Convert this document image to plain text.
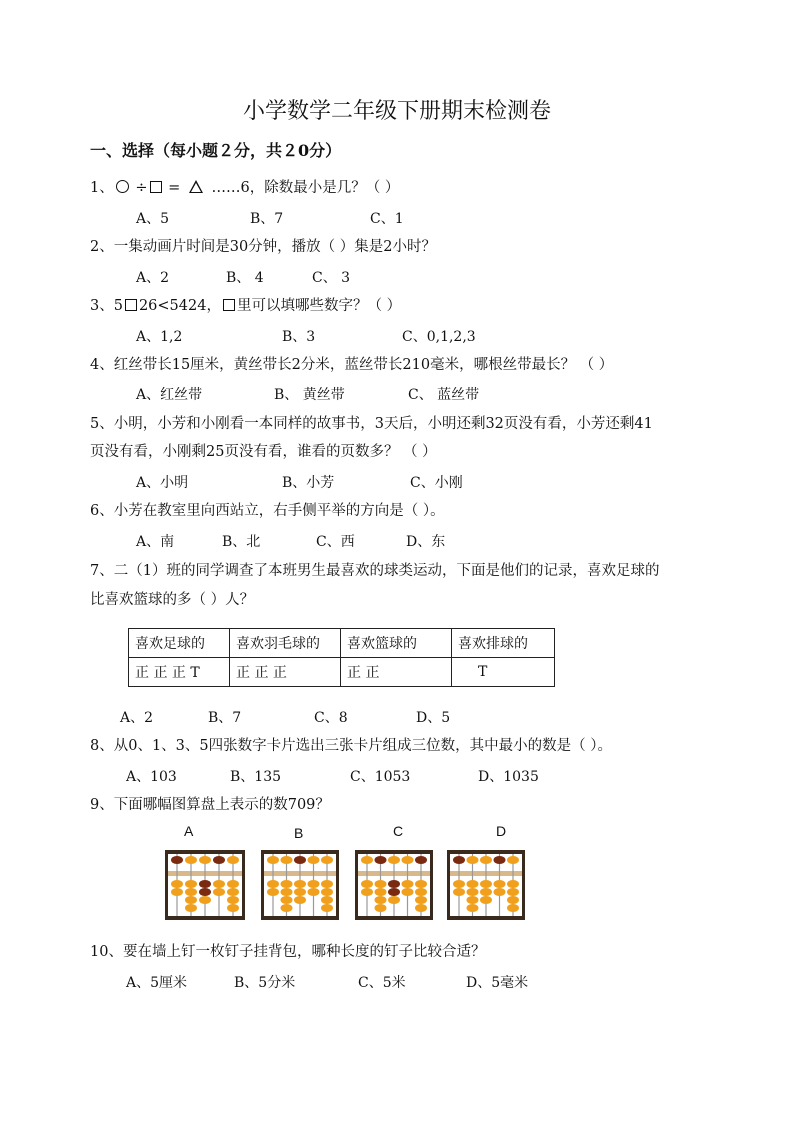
小学数学二年级下册期末检测卷
一、选择（每小题２分，共２0分）
1、 ÷ = ……6，除数最小是几？（ ）
A、5	B、7	C、1
2、一集动画片时间是30分钟，播放（ ）集是2小时？
A、2	B、 4	C、 3
3、5 26<5424， 里可以填哪些数字？（ ）
A、1,2	B、3	C、0,1,2,3
4、红丝带长15厘米，黄丝带长2分米，蓝丝带长210毫米，哪根丝带最长？ （ ）
A、红丝带	B、 黄丝带	C、 蓝丝带
5、小明，小芳和小刚看一本同样的故事书，3天后，小明还剩32页没有看，小芳还剩41
页没有看，小刚剩25页没有看，谁看的页数多？ （ ）
A、小明	B、小芳	C、小刚
6、小芳在教室里向西站立，右手侧平举的方向是（ ）。
A、南	B、北	C、西	D、东
7、二（1）班的同学调查了本班男生最喜欢的球类运动，下面是他们的记录，喜欢足球的
比喜欢篮球的多（ ）人？
喜欢足球的	喜欢羽毛球的	喜欢篮球的	喜欢排球的
正 正 正 T	正 正 正	正 正	T
A、2	B、7	C、8	D、5
8、从0、1、3、5四张数字卡片选出三张卡片组成三位数，其中最小的数是（ ）。
A、103	B、135	C、1053	D、1035
9、下面哪幅图算盘上表示的数709？
A	B	C	D
10、要在墙上钉一枚钉子挂背包，哪种长度的钉子比较合适？
A、5厘米	B、5分米	C、5米	D、5毫米
